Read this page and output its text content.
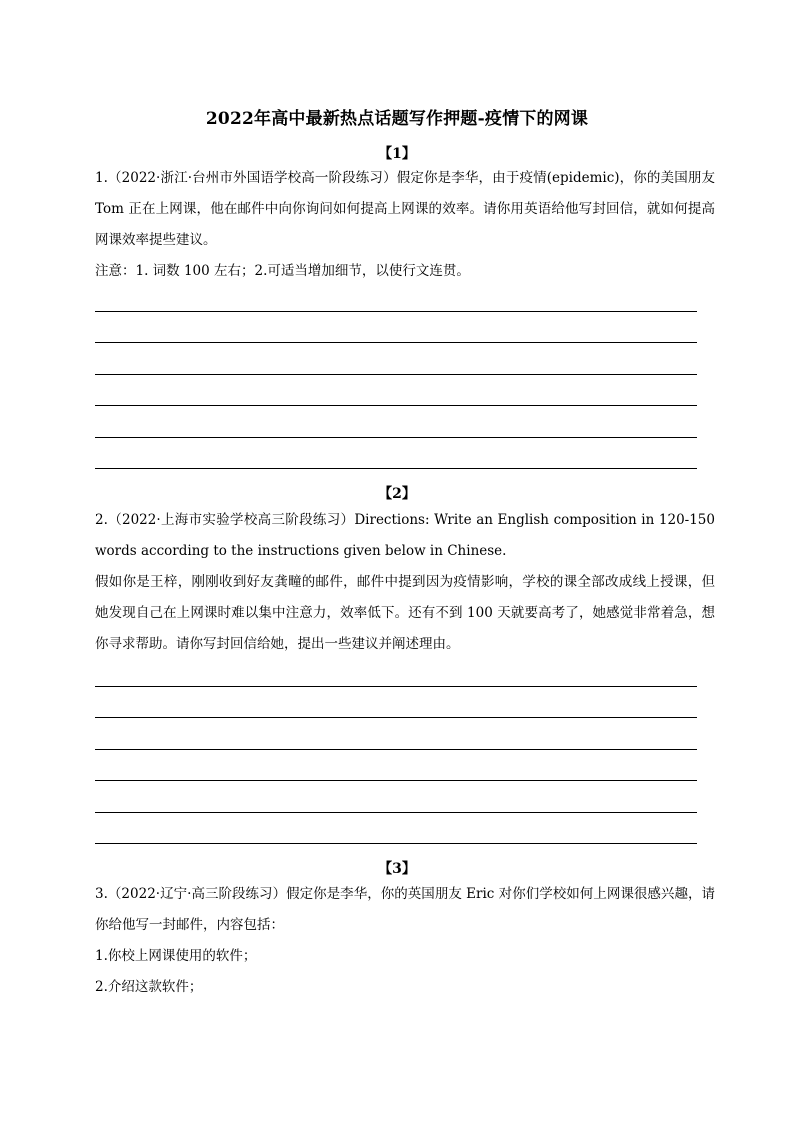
2022年高中最新热点话题写作押题-疫情下的网课
【1】

1.（2022·浙江·台州市外国语学校高一阶段练习）假定你是李华，由于疫情(epidemic)，你的美国朋友 Tom 正在上网课，他在邮件中向你询问如何提高上网课的效率。请你用英语给他写封回信，就如何提高网课效率提些建议。

注意：1. 词数 100 左右；2.可适当增加细节，以使行文连贯。

【2】

2.（2022·上海市实验学校高三阶段练习）Directions: Write an English composition in 120-150 words according to the instructions given below in Chinese.

假如你是王梓，刚刚收到好友龚疃的邮件，邮件中提到因为疫情影响，学校的课全部改成线上授课，但她发现自己在上网课时难以集中注意力，效率低下。还有不到 100 天就要高考了，她感觉非常着急，想你寻求帮助。请你写封回信给她，提出一些建议并阐述理由。

【3】

3.（2022·辽宁·高三阶段练习）假定你是李华，你的英国朋友 Eric 对你们学校如何上网课很感兴趣，请你给他写一封邮件，内容包括：

1.你校上网课使用的软件；

2.介绍这款软件；
